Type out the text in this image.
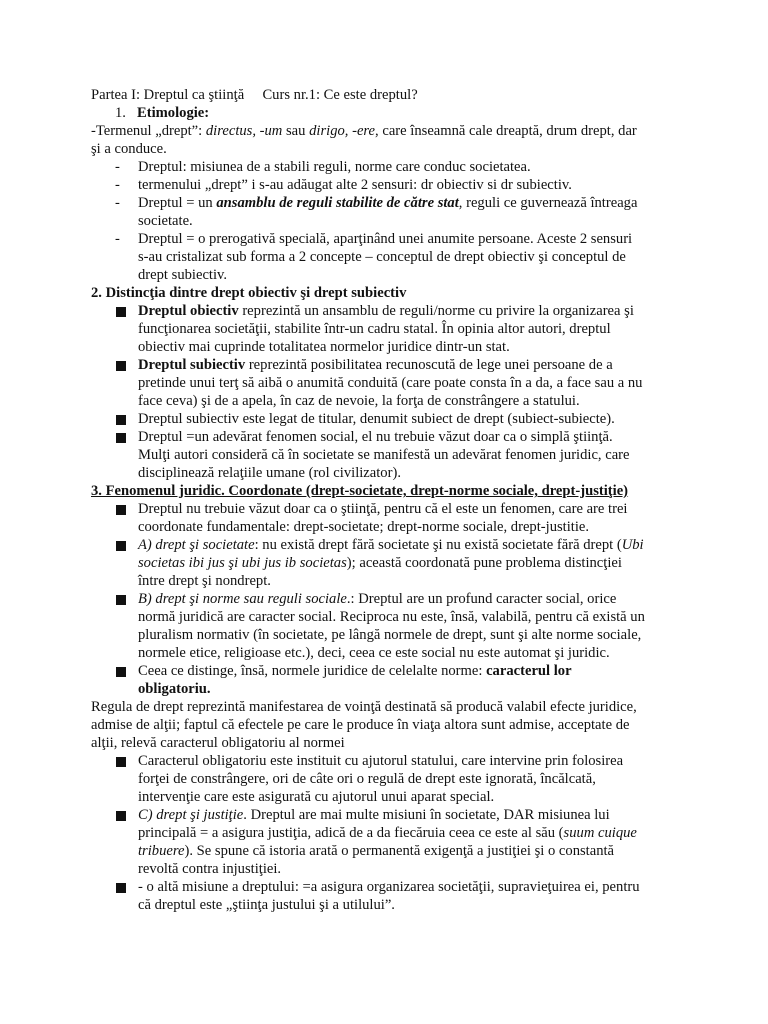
Partea I: Dreptul ca ştiinţă Curs nr.1: Ce este dreptul?
1. Etimologie:
-Termenul „drept”: directus, -um sau dirigo, -ere, care înseamnă cale dreaptă, drum drept, dar
şi a conduce.
- Dreptul: misiunea de a stabili reguli, norme care conduc societatea.
- termenului „drept” i s-au adăugat alte 2 sensuri: dr obiectiv si dr subiectiv.
- Dreptul = un ansamblu de reguli stabilite de către stat, reguli ce guvernează întreaga
societate.
- Dreptul = o prerogativă specială, aparţinând unei anumite persoane. Aceste 2 sensuri
s-au cristalizat sub forma a 2 concepte – conceptul de drept obiectiv şi conceptul de
drept subiectiv.
2. Distincţia dintre drept obiectiv şi drept subiectiv
Dreptul obiectiv reprezintă un ansamblu de reguli/norme cu privire la organizarea şi
funcţionarea societăţii, stabilite într-un cadru statal. În opinia altor autori, dreptul
obiectiv mai cuprinde totalitatea normelor juridice dintr-un stat.
Dreptul subiectiv reprezintă posibilitatea recunoscută de lege unei persoane de a
pretinde unui terţ să aibă o anumită conduită (care poate consta în a da, a face sau a nu
face ceva) şi de a apela, în caz de nevoie, la forţa de constrângere a statului.
Dreptul subiectiv este legat de titular, denumit subiect de drept (subiect-subiecte).
Dreptul =un adevărat fenomen social, el nu trebuie văzut doar ca o simplă ştiinţă.
Mulţi autori consideră că în societate se manifestă un adevărat fenomen juridic, care
disciplinează relaţiile umane (rol civilizator).
3. Fenomenul juridic. Coordonate (drept-societate, drept-norme sociale, drept-justiţie)
Dreptul nu trebuie văzut doar ca o ştiinţă, pentru că el este un fenomen, care are trei
coordonate fundamentale: drept-societate; drept-norme sociale, drept-justitie.
A) drept şi societate: nu există drept fără societate şi nu există societate fără drept (Ubi
societas ibi jus şi ubi jus ib societas); această coordonată pune problema distincţiei
între drept şi nondrept.
B) drept şi norme sau reguli sociale.: Dreptul are un profund caracter social, orice
normă juridică are caracter social. Reciproca nu este, însă, valabilă, pentru că există un
pluralism normativ (în societate, pe lângă normele de drept, sunt şi alte norme sociale,
normele etice, religioase etc.), deci, ceea ce este social nu este automat şi juridic.
Ceea ce distinge, însă, normele juridice de celelalte norme: caracterul lor
obligatoriu.
Regula de drept reprezintă manifestarea de voinţă destinată să producă valabil efecte juridice,
admise de alţii; faptul că efectele pe care le produce în viaţa altora sunt admise, acceptate de
alţii, relevă caracterul obligatoriu al normei
Caracterul obligatoriu este instituit cu ajutorul statului, care intervine prin folosirea
forţei de constrângere, ori de câte ori o regulă de drept este ignorată, încălcată,
intervenţie care este asigurată cu ajutorul unui aparat special.
C) drept şi justiţie. Dreptul are mai multe misiuni în societate, DAR misiunea lui
principală = a asigura justiţia, adică de a da fiecăruia ceea ce este al său (suum cuique
tribuere). Se spune că istoria arată o permanentă exigenţă a justiţiei şi o constantă
revoltă contra injustiţiei.
- o altă misiune a dreptului: =a asigura organizarea societăţii, supravieţuirea ei, pentru
că dreptul este „ştiinţa justului şi a utilului”.
